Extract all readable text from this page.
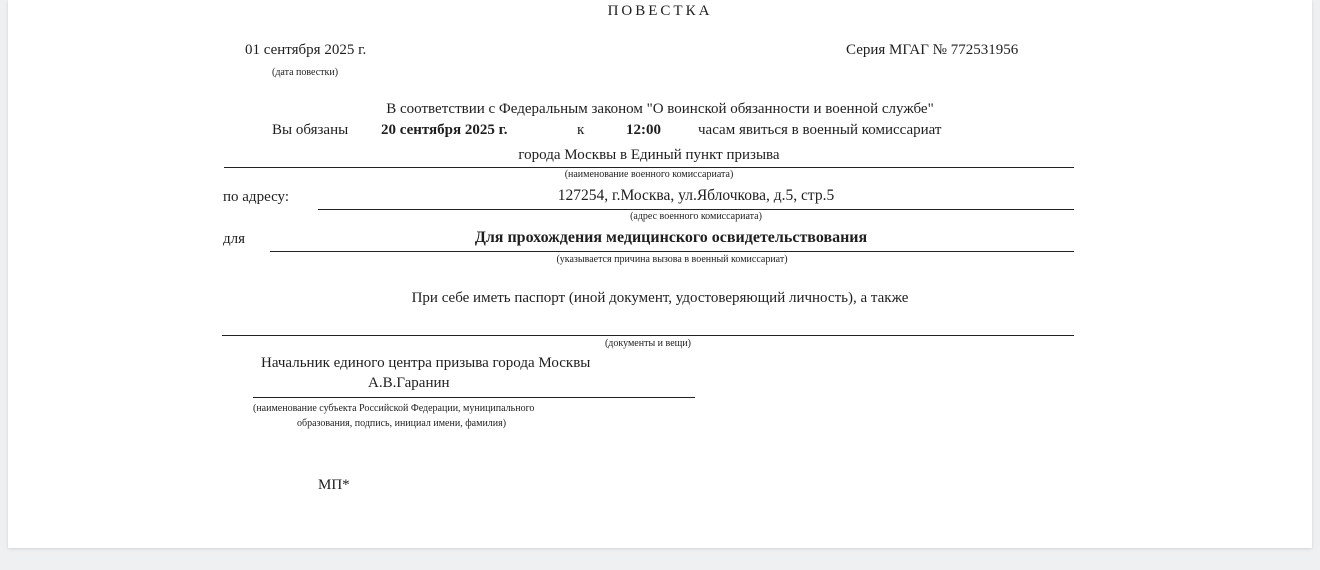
ПОВЕСТКА
01 сентября 2025 г.
(дата повестки)
Серия МГАГ № 772531956
В соответствии с Федеральным законом "О воинской обязанности и военной службе"
Вы обязаны 20 сентября 2025 г.	к	12:00 часам явиться в военный комиссариат
города Москвы в Единый пункт призыва
(наименование военного комиссариата)
по адресу:	127254, г.Москва, ул.Яблочкова, д.5, стр.5
(адрес военного комиссариата)
для	Для прохождения медицинского освидетельствования
(указывается причина вызова в военный комиссариат)
При себе иметь паспорт (иной документ, удостоверяющий личность), а также
(документы и вещи)
Начальник единого центра призыва города Москвы
А.В.Гаранин
(наименование субъекта Российской Федерации, муниципального
образования, подпись, инициал имени, фамилия)
МП*
